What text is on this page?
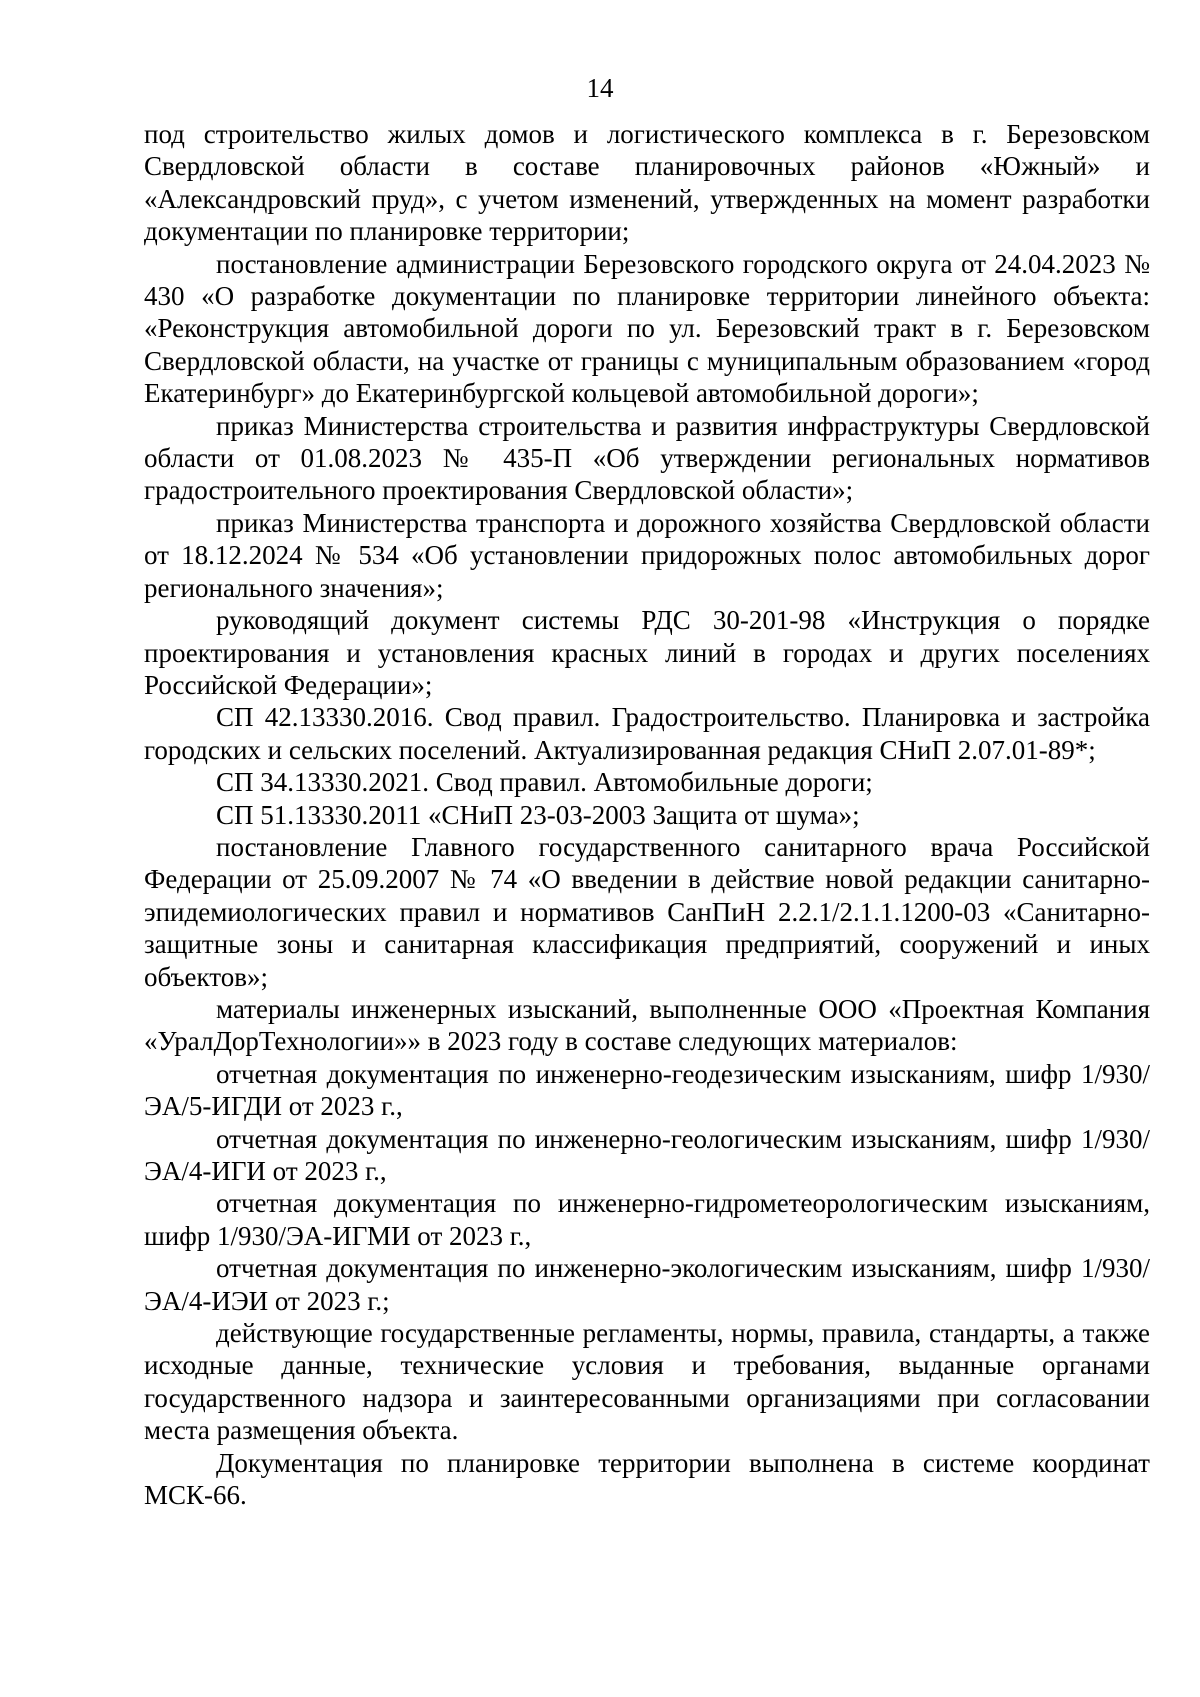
14

под строительство жилых домов и логистического комплекса в г. Березовском Свердловской области в составе планировочных районов «Южный» и «Александровский пруд», с учетом изменений, утвержденных на момент разработки документации по планировке территории;

постановление администрации Березовского городского округа от 24.04.2023 № 430 «О разработке документации по планировке территории линейного объекта: «Реконструкция автомобильной дороги по ул. Березовский тракт в г. Березовском Свердловской области, на участке от границы с муниципальным образованием «город Екатеринбург» до Екатеринбургской кольцевой автомобильной дороги»;

приказ Министерства строительства и развития инфраструктуры Свердловской области от 01.08.2023 № 435-П «Об утверждении региональных нормативов градостроительного проектирования Свердловской области»;

приказ Министерства транспорта и дорожного хозяйства Свердловской области от 18.12.2024 № 534 «Об установлении придорожных полос автомобильных дорог регионального значения»;

руководящий документ системы РДС 30-201-98 «Инструкция о порядке проектирования и установления красных линий в городах и других поселениях Российской Федерации»;

СП 42.13330.2016. Свод правил. Градостроительство. Планировка и застройка городских и сельских поселений. Актуализированная редакция СНиП 2.07.01-89*;

СП 34.13330.2021. Свод правил. Автомобильные дороги;

СП 51.13330.2011 «СНиП 23-03-2003 Защита от шума»;

постановление Главного государственного санитарного врача Российской Федерации от 25.09.2007 № 74 «О введении в действие новой редакции санитарно-эпидемиологических правил и нормативов СанПиН 2.2.1/2.1.1.1200-03 «Санитарно-защитные зоны и санитарная классификация предприятий, сооружений и иных объектов»;

материалы инженерных изысканий, выполненные ООО «Проектная Компания «УралДорТехнологии»» в 2023 году в составе следующих материалов:

отчетная документация по инженерно-геодезическим изысканиям, шифр 1/930/ЭА/5-ИГДИ от 2023 г.,

отчетная документация по инженерно-геологическим изысканиям, шифр 1/930/ЭА/4-ИГИ от 2023 г.,

отчетная документация по инженерно-гидрометеорологическим изысканиям, шифр 1/930/ЭА-ИГМИ от 2023 г.,

отчетная документация по инженерно-экологическим изысканиям, шифр 1/930/ЭА/4-ИЭИ от 2023 г.;

действующие государственные регламенты, нормы, правила, стандарты, а также исходные данные, технические условия и требования, выданные органами государственного надзора и заинтересованными организациями при согласовании места размещения объекта.

Документация по планировке территории выполнена в системе координат МСК-66.
